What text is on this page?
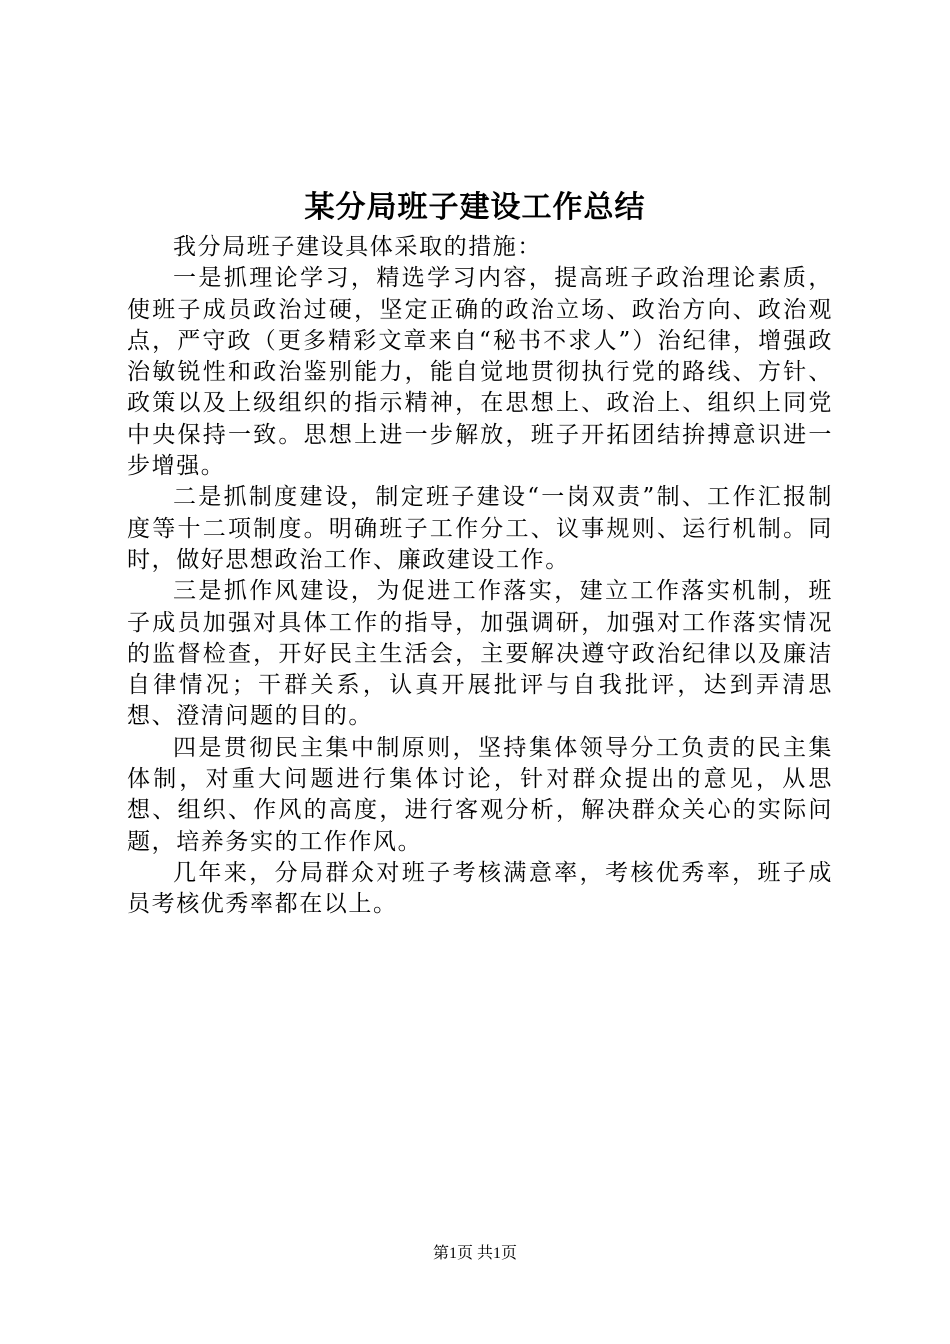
某分局班子建设工作总结

我分局班子建设具体采取的措施：

一是抓理论学习，精选学习内容，提高班子政治理论素质，使班子成员政治过硬，坚定正确的政治立场、政治方向、政治观点，严守政（更多精彩文章来自“秘书不求人”）治纪律，增强政治敏锐性和政治鉴别能力，能自觉地贯彻执行党的路线、方针、政策以及上级组织的指示精神，在思想上、政治上、组织上同党中央保持一致。思想上进一步解放，班子开拓团结拚搏意识进一步增强。

二是抓制度建设，制定班子建设“一岗双责”制、工作汇报制度等十二项制度。明确班子工作分工、议事规则、运行机制。同时，做好思想政治工作、廉政建设工作。

三是抓作风建设，为促进工作落实，建立工作落实机制，班子成员加强对具体工作的指导，加强调研，加强对工作落实情况的监督检查，开好民主生活会，主要解决遵守政治纪律以及廉洁自律情况；干群关系，认真开展批评与自我批评，达到弄清思想、澄清问题的目的。

四是贯彻民主集中制原则，坚持集体领导分工负责的民主集体制，对重大问题进行集体讨论，针对群众提出的意见，从思想、组织、作风的高度，进行客观分析，解决群众关心的实际问题，培养务实的工作作风。

几年来，分局群众对班子考核满意率，考核优秀率，班子成员考核优秀率都在以上。

第1页 共1页
